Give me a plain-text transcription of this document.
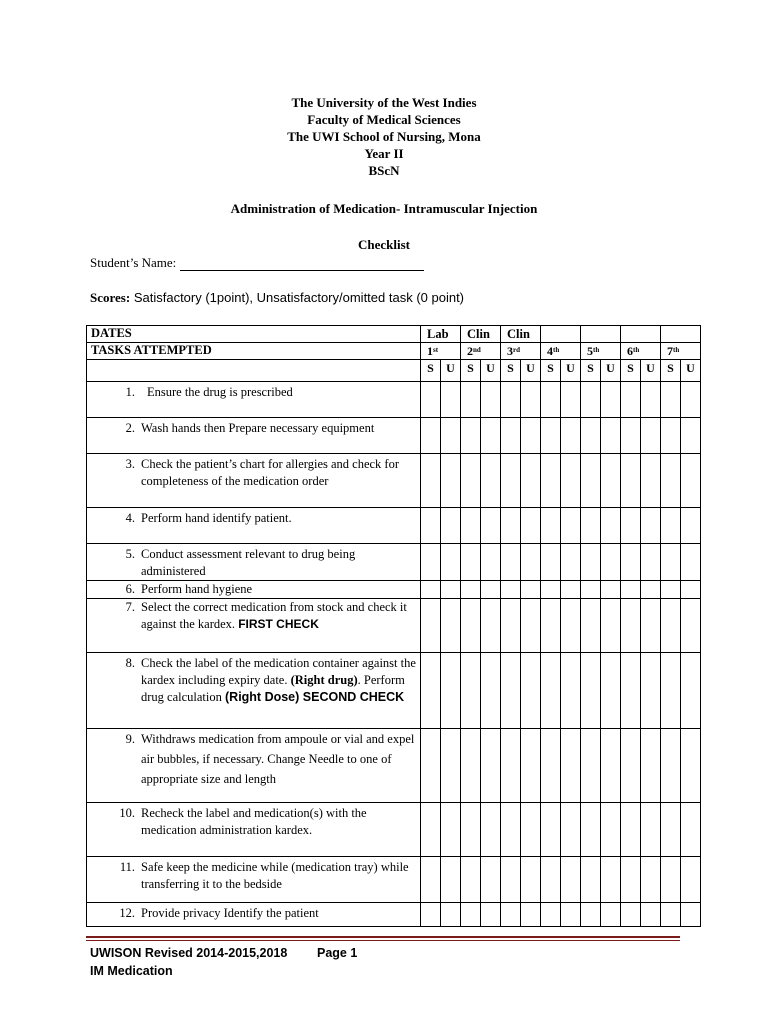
The University of the West Indies
Faculty of Medical Sciences
The UWI School of Nursing, Mona
Year II
BScN
Administration of Medication- Intramuscular Injection
Checklist
Student’s Name:
Scores: Satisfactory (1point), Unsatisfactory/omitted task (0 point)
DATES	Lab		Clin		Clin									
TASKS ATTEMPTED	1st		2nd		3rd		4th		5th		6th		7th
	S	U	S	U	S	U	S	U	S	U	S	U	S	U

1. Ensure the drug is prescribed														

2. Wash hands then Prepare necessary equipment														

3. Check the patient’s chart for allergies and check for completeness of the medication order														

4. Perform hand identify patient.														

5. Conduct assessment relevant to drug being administered														

6. Perform hand hygiene														

7. Select the correct medication from stock and check it against the kardex. FIRST CHECK														

8. Check the label of the medication container against the kardex including expiry date. (Right drug). Perform drug calculation (Right Dose) SECOND CHECK														

9. Withdraws medication from ampoule or vial and expel air bubbles, if necessary. Change Needle to one of appropriate size and length														

10. Recheck the label and medication(s) with the medication administration kardex.														

11. Safe keep the medicine while (medication tray) while transferring it to the bedside														

12. Provide privacy Identify the patient														

UWISON Revised 2014-2015,2018
IM Medication
Page 1
